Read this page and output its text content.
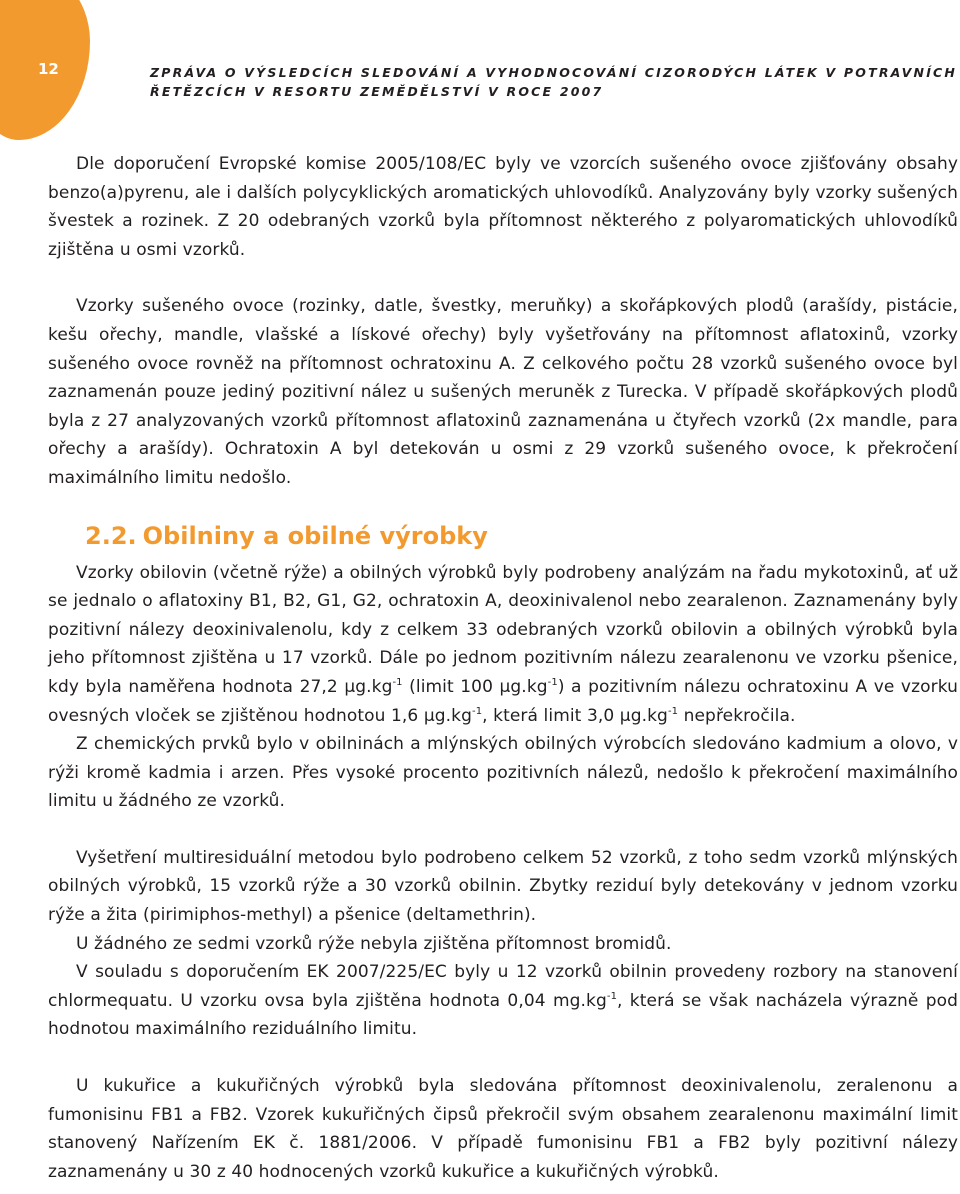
12	ZPRÁVA O VÝSLEDCÍCH SLEDOVÁNÍ A VYHODNOCOVÁNÍ CIZORODÝCH LÁTEK V POTRAVNÍCH
ŘETĚZCÍCH V RESORTU ZEMĚDĚLSTVÍ V ROCE 2007

Dle doporučení Evropské komise 2005/108/EC byly ve vzorcích sušeného ovoce zjišťovány obsahy benzo(a)pyrenu, ale i dalších polycyklických aromatických uhlovodíků. Analyzovány byly vzorky sušených švestek a rozinek. Z 20 odebraných vzorků byla přítomnost některého z polyaromatických uhlovodíků zjištěna u osmi vzorků.

Vzorky sušeného ovoce (rozinky, datle, švestky, meruňky) a skořápkových plodů (arašídy, pistácie, kešu ořechy, mandle, vlašské a lískové ořechy) byly vyšetřovány na přítomnost aflatoxinů, vzorky sušeného ovoce rovněž na přítomnost ochratoxinu A. Z celkového počtu 28 vzorků sušeného ovoce byl zaznamenán pouze jediný pozitivní nález u sušených meruněk z Turecka. V případě skořápkových plodů byla z 27 analyzovaných vzorků přítomnost aflatoxinů zaznamenána u čtyřech vzorků (2x mandle, para ořechy a arašídy). Ochratoxin A byl detekován u osmi z 29 vzorků sušeného ovoce, k překročení maximálního limitu nedošlo.

2.2. Obilniny a obilné výrobky

Vzorky obilovin (včetně rýže) a obilných výrobků byly podrobeny analýzám na řadu mykotoxinů, ať už se jednalo o aflatoxiny B1, B2, G1, G2, ochratoxin A, deoxinivalenol nebo zearalenon. Zaznamenány byly pozitivní nálezy deoxinivalenolu, kdy z celkem 33 odebraných vzorků obilovin a obilných výrobků byla jeho přítomnost zjištěna u 17 vzorků. Dále po jednom pozitivním nálezu zearalenonu ve vzorku pšenice, kdy byla naměřena hodnota 27,2 $\mu g.kg^{-1}$ (limit 100 $\mu g.kg^{-1}$) a pozitivním nálezu ochratoxinu A ve vzorku ovesných vloček se zjištěnou hodnotou 1,6 $\mu g.kg^{-1}$, která limit 3,0 $\mu g.kg^{-1}$ nepřekročila.

Z chemických prvků bylo v obilninách a mlýnských obilných výrobcích sledováno kadmium a olovo, v rýži kromě kadmia i arzen. Přes vysoké procento pozitivních nálezů, nedošlo k překročení maximálního limitu u žádného ze vzorků.

Vyšetření multiresiduální metodou bylo podrobeno celkem 52 vzorků, z toho sedm vzorků mlýnských obilných výrobků, 15 vzorků rýže a 30 vzorků obilnin. Zbytky reziduí byly detekovány v jednom vzorku rýže a žita (pirimiphos-methyl) a pšenice (deltamethrin).

U žádného ze sedmi vzorků rýže nebyla zjištěna přítomnost bromidů.

V souladu s doporučením EK 2007/225/EC byly u 12 vzorků obilnin provedeny rozbory na stanovení chlormequatu. U vzorku ovsa byla zjištěna hodnota 0,04 $mg.kg^{-1}$, která se však nacházela výrazně pod hodnotou maximálního reziduálního limitu.

U kukuřice a kukuřičných výrobků byla sledována přítomnost deoxinivalenolu, zeralenonu a fumonisinu FB1 a FB2. Vzorek kukuřičných čipsů překročil svým obsahem zearalenonu maximální limit stanovený Nařízením EK č. 1881/2006. V případě fumonisinu FB1 a FB2 byly pozitivní nálezy zaznamenány u 30 z 40 hodnocených vzorků kukuřice a kukuřičných výrobků.
